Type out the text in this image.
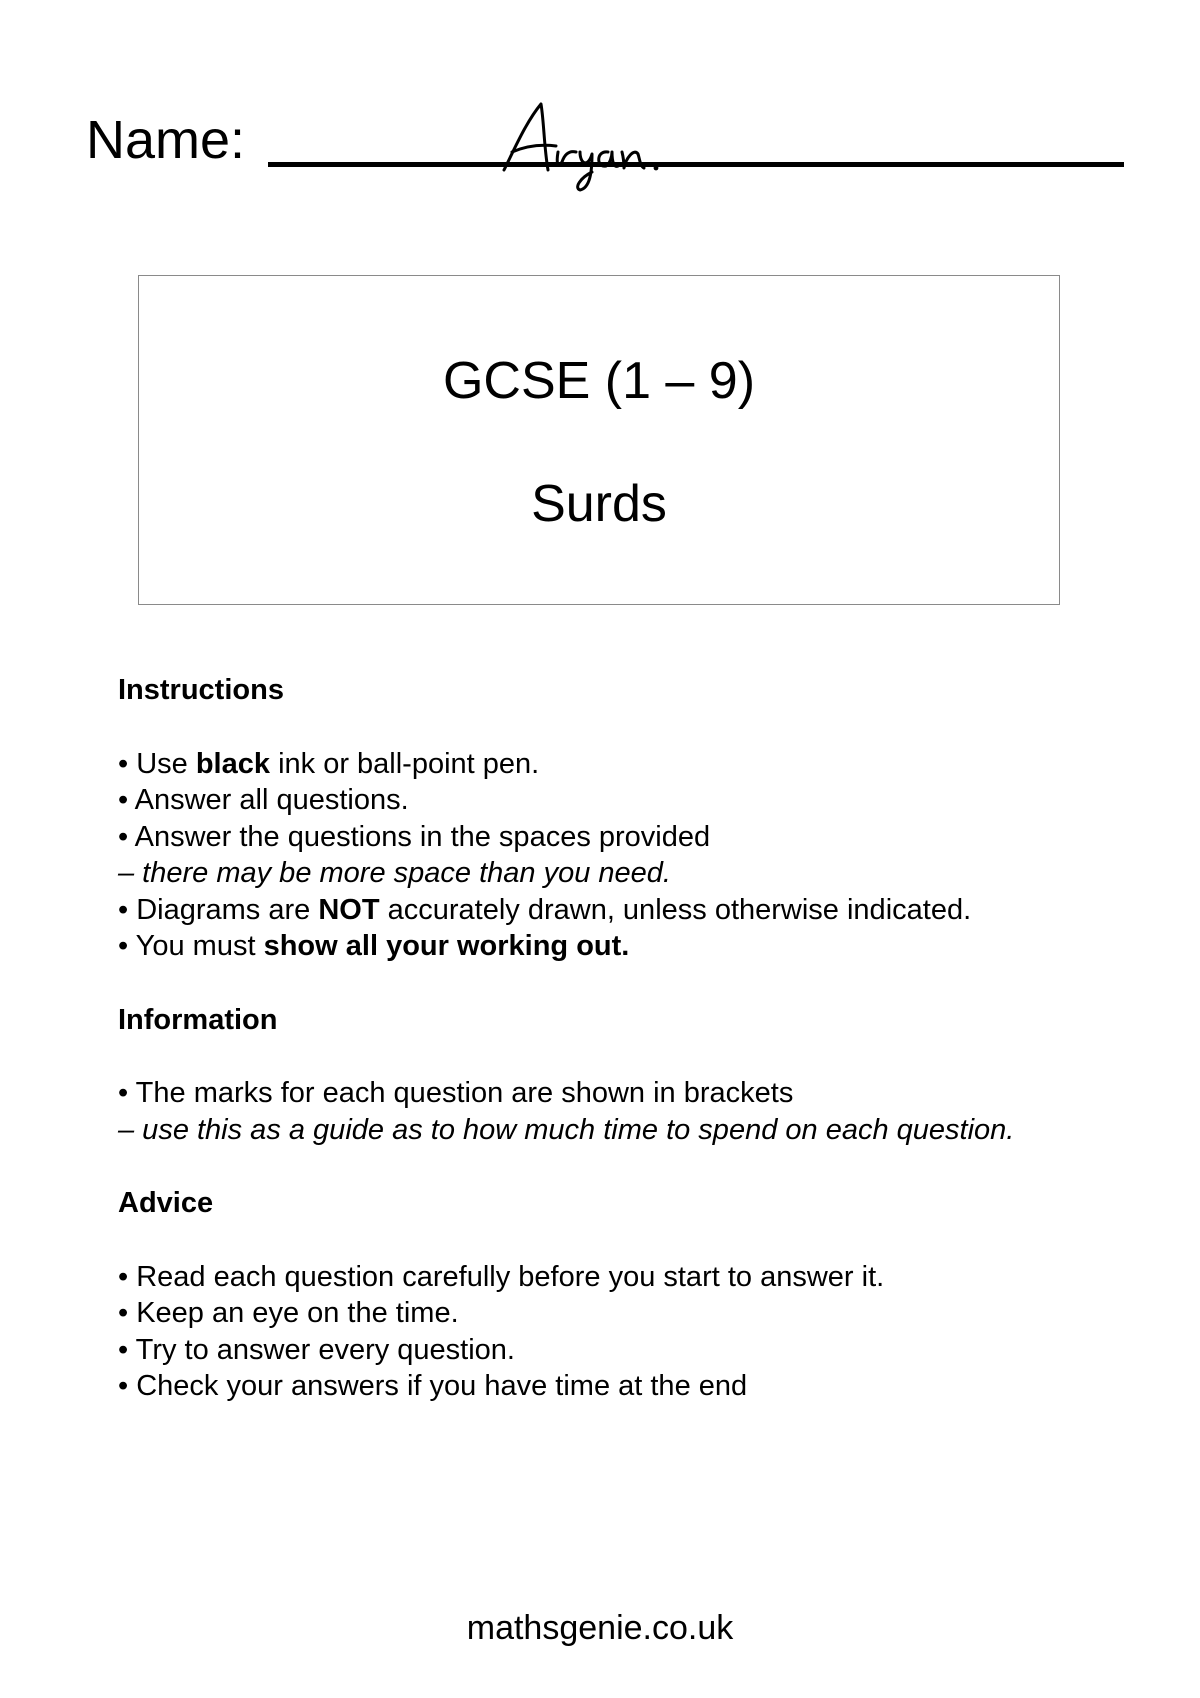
Name:
GCSE (1 – 9)
Surds
Instructions
• Use black ink or ball-point pen.
• Answer all questions.
• Answer the questions in the spaces provided
– there may be more space than you need.
• Diagrams are NOT accurately drawn, unless otherwise indicated.
• You must show all your working out.
Information
• The marks for each question are shown in brackets
– use this as a guide as to how much time to spend on each question.
Advice
• Read each question carefully before you start to answer it.
• Keep an eye on the time.
• Try to answer every question.
• Check your answers if you have time at the end
mathsgenie.co.uk
